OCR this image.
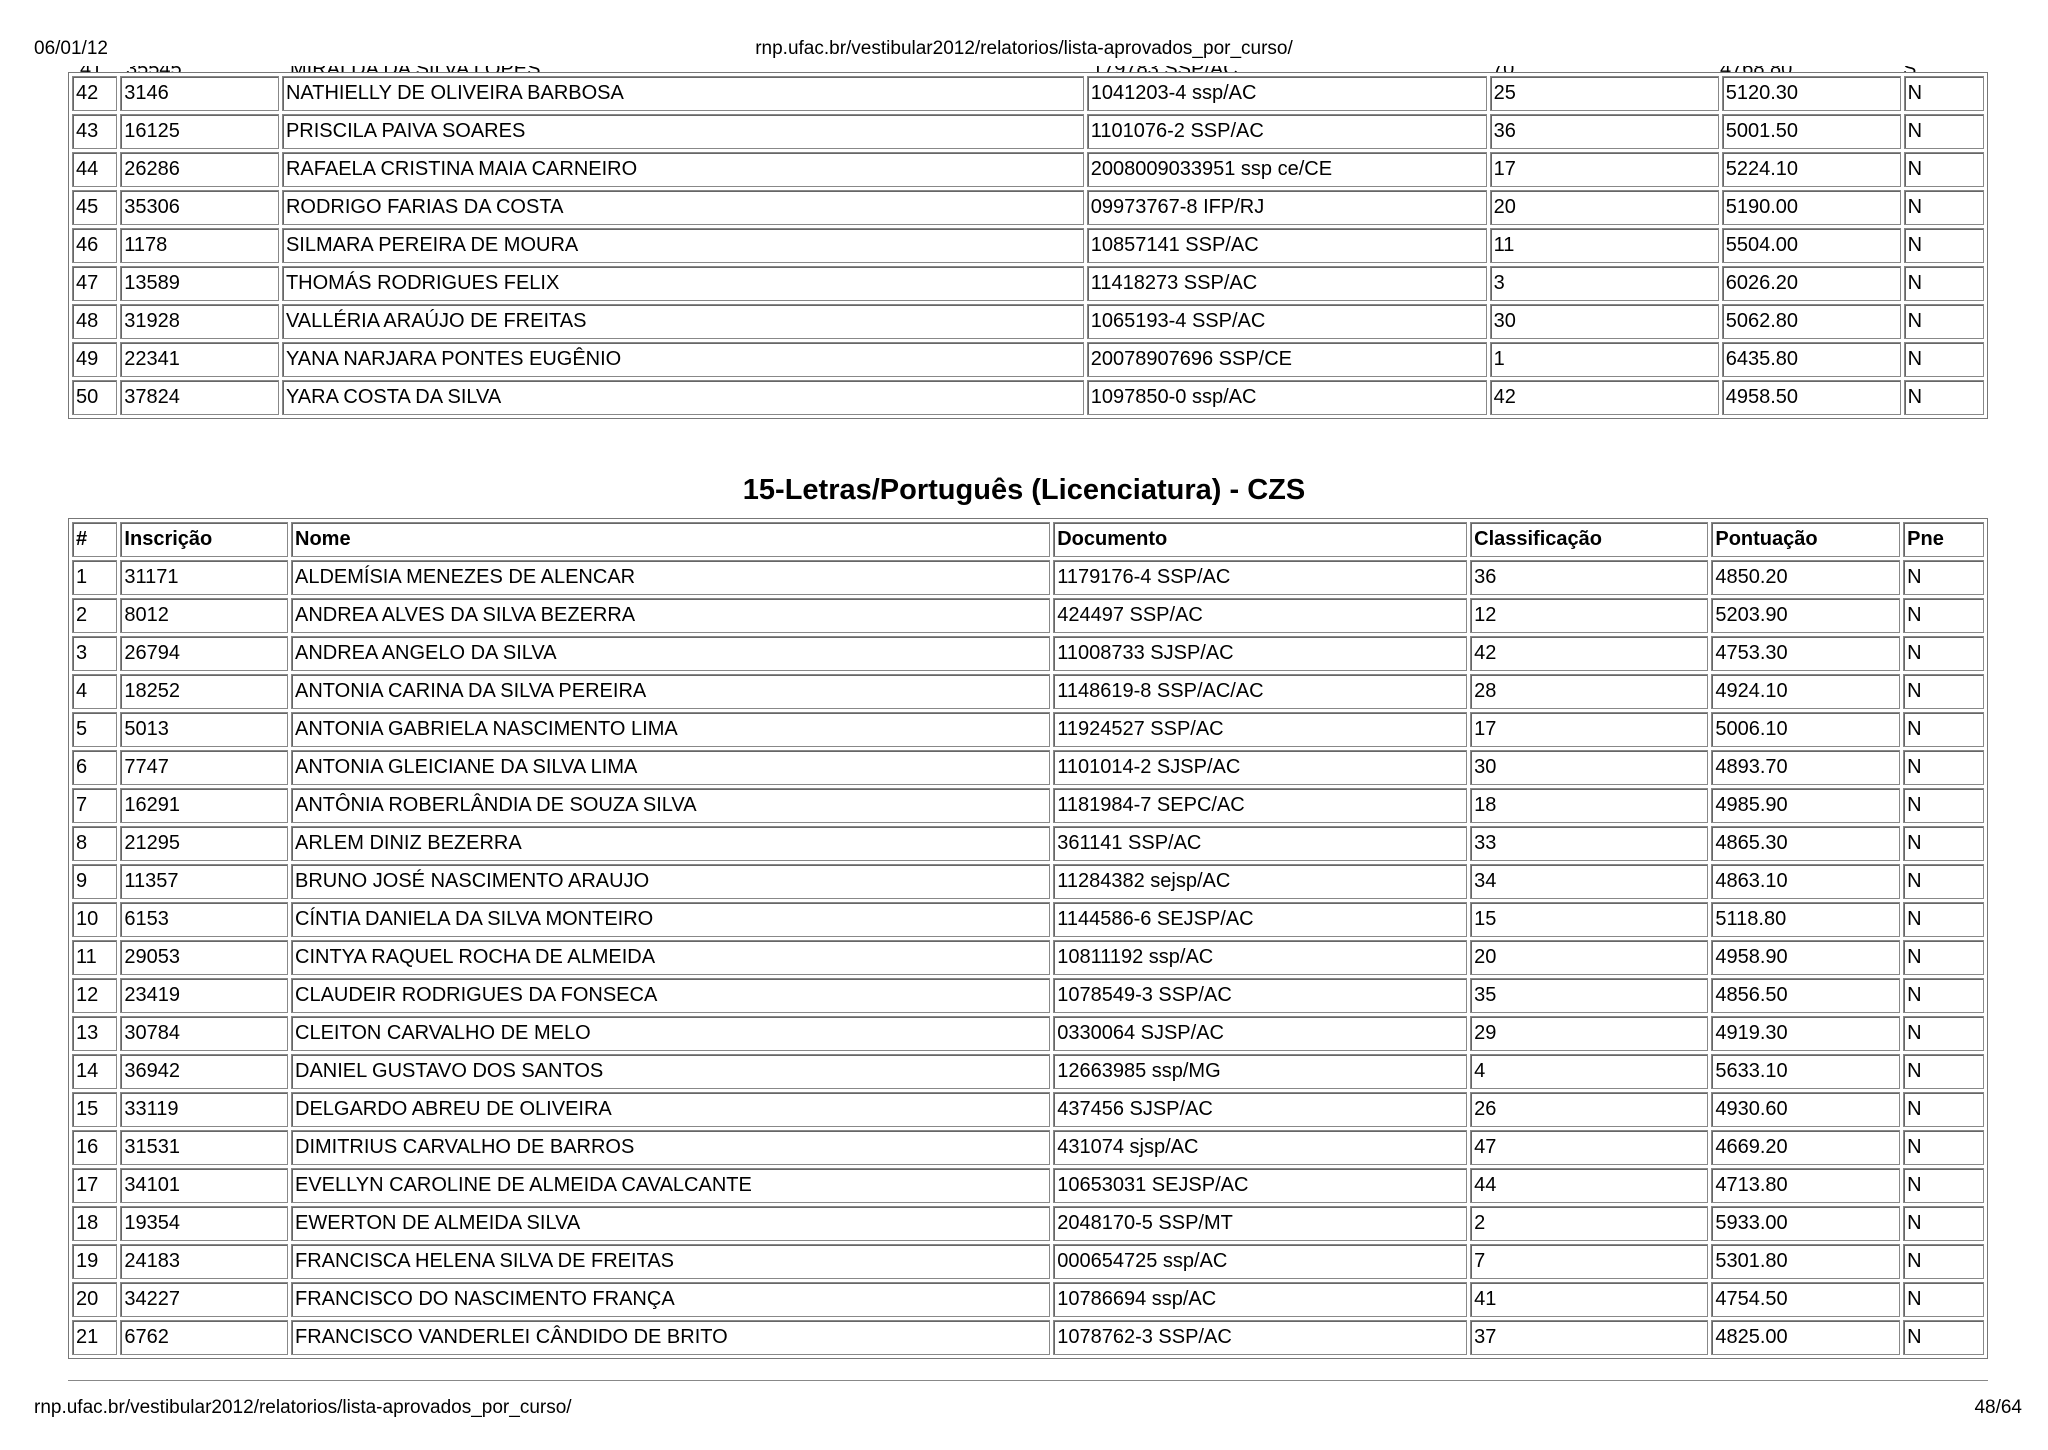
06/01/12	rnp.ufac.br/vestibular2012/relatorios/lista-aprovados_por_curso/
42	3146	NATHIELLY DE OLIVEIRA BARBOSA	1041203-4 ssp/AC	25	5120.30	N
43	16125	PRISCILA PAIVA SOARES	1101076-2 SSP/AC	36	5001.50	N
44	26286	RAFAELA CRISTINA MAIA CARNEIRO	2008009033951 ssp ce/CE	17	5224.10	N
45	35306	RODRIGO FARIAS DA COSTA	09973767-8 IFP/RJ	20	5190.00	N
46	1178	SILMARA PEREIRA DE MOURA	10857141 SSP/AC	11	5504.00	N
47	13589	THOMÁS RODRIGUES FELIX	11418273 SSP/AC	3	6026.20	N
48	31928	VALLÉRIA ARAÚJO DE FREITAS	1065193-4 SSP/AC	30	5062.80	N
49	22341	YANA NARJARA PONTES EUGÊNIO	20078907696 SSP/CE	1	6435.80	N
50	37824	YARA COSTA DA SILVA	1097850-0 ssp/AC	42	4958.50	N
15-Letras/Português (Licenciatura) - CZS
#	Inscrição	Nome	Documento	Classificação	Pontuação	Pne
1	31171	ALDEMÍSIA MENEZES DE ALENCAR	1179176-4 SSP/AC	36	4850.20	N
2	8012	ANDREA ALVES DA SILVA BEZERRA	424497 SSP/AC	12	5203.90	N
3	26794	ANDREA ANGELO DA SILVA	11008733 SJSP/AC	42	4753.30	N
4	18252	ANTONIA CARINA DA SILVA PEREIRA	1148619-8 SSP/AC/AC	28	4924.10	N
5	5013	ANTONIA GABRIELA NASCIMENTO LIMA	11924527 SSP/AC	17	5006.10	N
6	7747	ANTONIA GLEICIANE DA SILVA LIMA	1101014-2 SJSP/AC	30	4893.70	N
7	16291	ANTÔNIA ROBERLÂNDIA DE SOUZA SILVA	1181984-7 SEPC/AC	18	4985.90	N
8	21295	ARLEM DINIZ BEZERRA	361141 SSP/AC	33	4865.30	N
9	11357	BRUNO JOSÉ NASCIMENTO ARAUJO	11284382 sejsp/AC	34	4863.10	N
10	6153	CÍNTIA DANIELA DA SILVA MONTEIRO	1144586-6 SEJSP/AC	15	5118.80	N
11	29053	CINTYA RAQUEL ROCHA DE ALMEIDA	10811192 ssp/AC	20	4958.90	N
12	23419	CLAUDEIR RODRIGUES DA FONSECA	1078549-3 SSP/AC	35	4856.50	N
13	30784	CLEITON CARVALHO DE MELO	0330064 SJSP/AC	29	4919.30	N
14	36942	DANIEL GUSTAVO DOS SANTOS	12663985 ssp/MG	4	5633.10	N
15	33119	DELGARDO ABREU DE OLIVEIRA	437456 SJSP/AC	26	4930.60	N
16	31531	DIMITRIUS CARVALHO DE BARROS	431074 sjsp/AC	47	4669.20	N
17	34101	EVELLYN CAROLINE DE ALMEIDA CAVALCANTE	10653031 SEJSP/AC	44	4713.80	N
18	19354	EWERTON DE ALMEIDA SILVA	2048170-5 SSP/MT	2	5933.00	N
19	24183	FRANCISCA HELENA SILVA DE FREITAS	000654725 ssp/AC	7	5301.80	N
20	34227	FRANCISCO DO NASCIMENTO FRANÇA	10786694 ssp/AC	41	4754.50	N
21	6762	FRANCISCO VANDERLEI CÂNDIDO DE BRITO	1078762-3 SSP/AC	37	4825.00	N
rnp.ufac.br/vestibular2012/relatorios/lista-aprovados_por_curso/	48/64
